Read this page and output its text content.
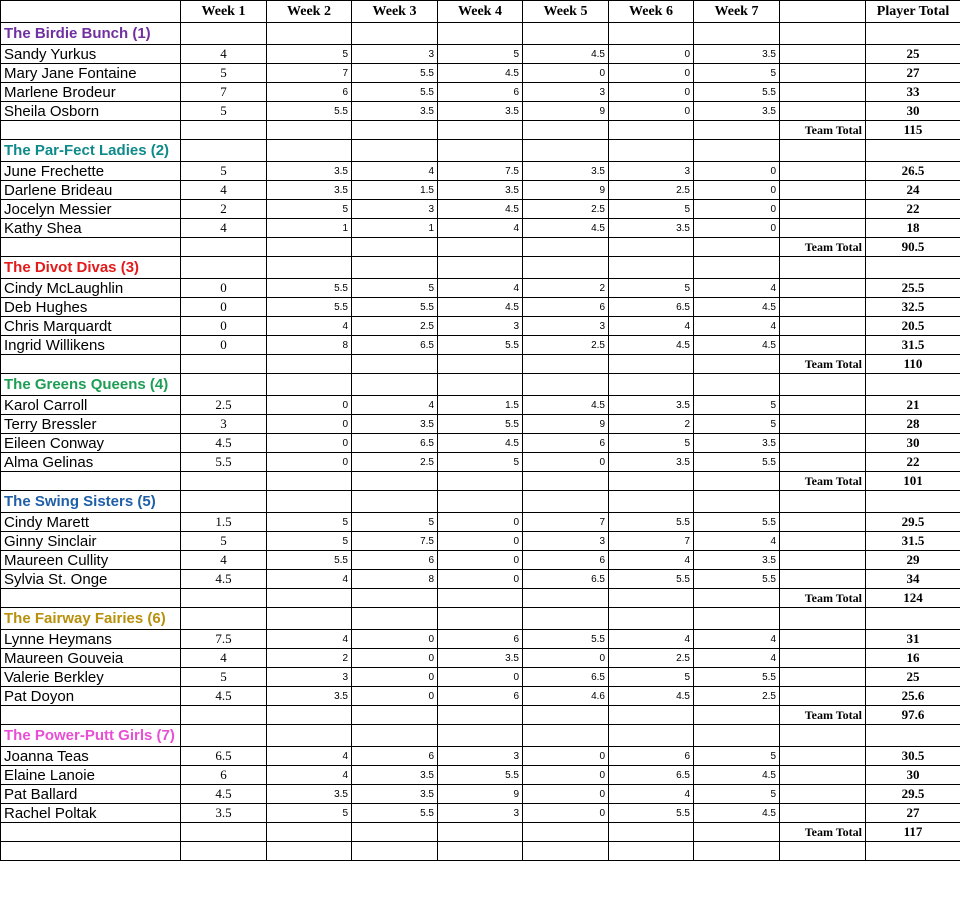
	Week 1	Week 2	Week 3	Week 4	Week 5	Week 6	Week 7		Player Total
The Birdie Bunch (1)									
Sandy Yurkus	4	5	3	5	4.5	0	3.5		25
Mary Jane Fontaine	5	7	5.5	4.5	0	0	5		27
Marlene Brodeur	7	6	5.5	6	3	0	5.5		33
Sheila Osborn	5	5.5	3.5	3.5	9	0	3.5		30
								Team Total	115
The Par-Fect Ladies (2)									
June Frechette	5	3.5	4	7.5	3.5	3	0		26.5
Darlene Brideau	4	3.5	1.5	3.5	9	2.5	0		24
Jocelyn Messier	2	5	3	4.5	2.5	5	0		22
Kathy Shea	4	1	1	4	4.5	3.5	0		18
								Team Total	90.5
The Divot Divas (3)									
Cindy McLaughlin	0	5.5	5	4	2	5	4		25.5
Deb Hughes	0	5.5	5.5	4.5	6	6.5	4.5		32.5
Chris Marquardt	0	4	2.5	3	3	4	4		20.5
Ingrid Willikens	0	8	6.5	5.5	2.5	4.5	4.5		31.5
								Team Total	110
The Greens Queens (4)									
Karol Carroll	2.5	0	4	1.5	4.5	3.5	5		21
Terry Bressler	3	0	3.5	5.5	9	2	5		28
Eileen Conway	4.5	0	6.5	4.5	6	5	3.5		30
Alma Gelinas	5.5	0	2.5	5	0	3.5	5.5		22
								Team Total	101
The Swing Sisters (5)									
Cindy Marett	1.5	5	5	0	7	5.5	5.5		29.5
Ginny Sinclair	5	5	7.5	0	3	7	4		31.5
Maureen Cullity	4	5.5	6	0	6	4	3.5		29
Sylvia St. Onge	4.5	4	8	0	6.5	5.5	5.5		34
								Team Total	124
The Fairway Fairies (6)									
Lynne Heymans	7.5	4	0	6	5.5	4	4		31
Maureen Gouveia	4	2	0	3.5	0	2.5	4		16
Valerie Berkley	5	3	0	0	6.5	5	5.5		25
Pat Doyon	4.5	3.5	0	6	4.6	4.5	2.5		25.6
								Team Total	97.6
The Power-Putt Girls (7)									
Joanna Teas	6.5	4	6	3	0	6	5		30.5
Elaine Lanoie	6	4	3.5	5.5	0	6.5	4.5		30
Pat Ballard	4.5	3.5	3.5	9	0	4	5		29.5
Rachel Poltak	3.5	5	5.5	3	0	5.5	4.5		27
								Team Total	117
